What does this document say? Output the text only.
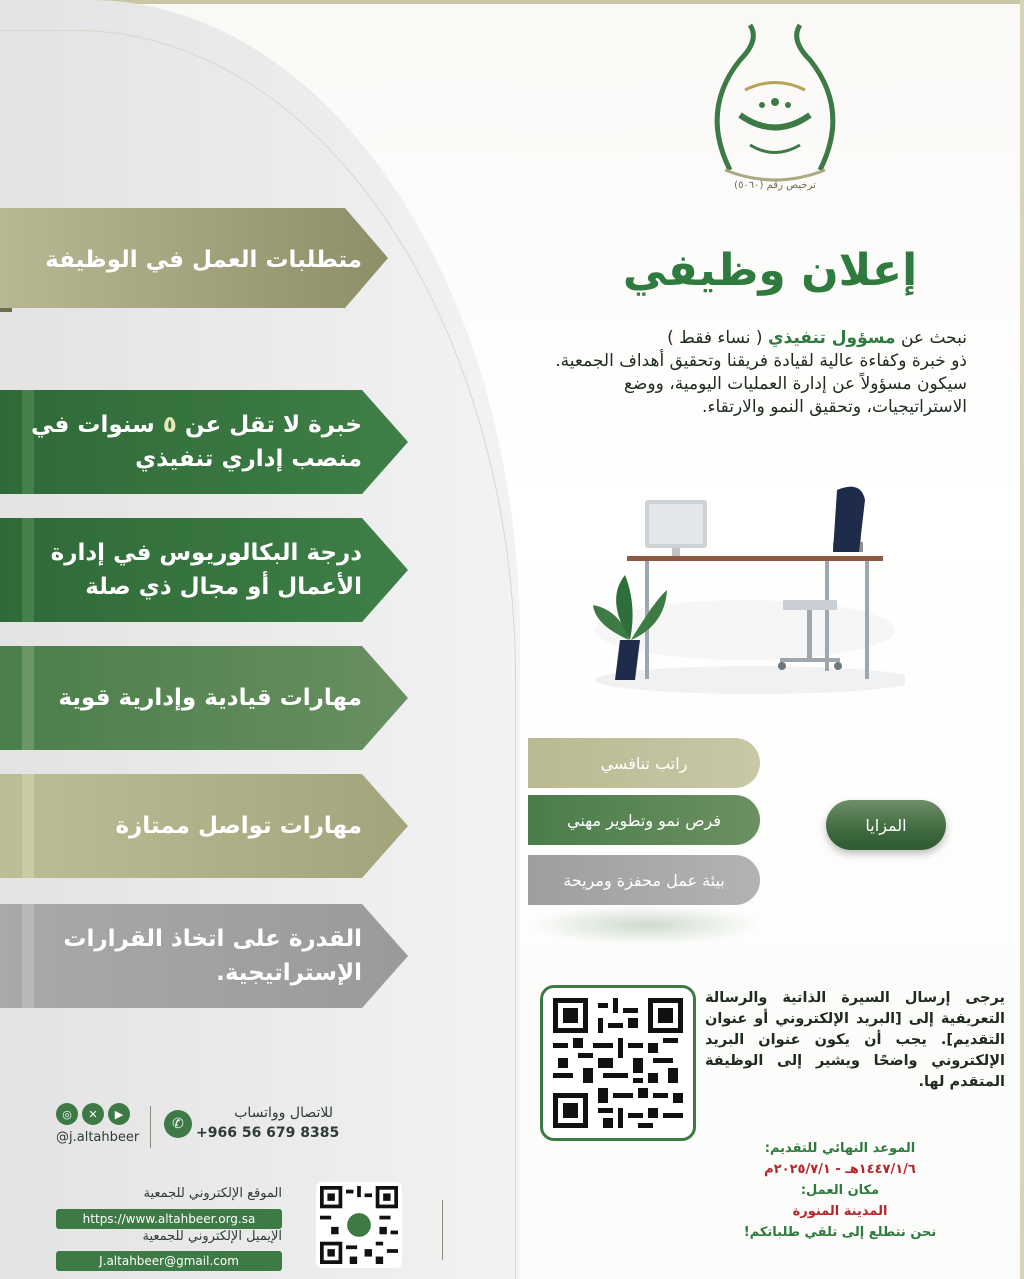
ترخيص رقم (٥٠٦٠)
إعلان وظيفي
نبحث عن مسؤول تنفيذي ( نساء فقط )
ذو خبرة وكفاءة عالية لقيادة فريقنا وتحقيق أهداف الجمعية.
سيكون مسؤولاً عن إدارة العمليات اليومية، ووضع الاستراتيجيات، وتحقيق النمو والارتقاء.
متطلبات العمل في الوظيفة
خبرة لا تقل عن ٥ سنوات في منصب إداري تنفيذي
درجة البكالوريوس في إدارة الأعمال أو مجال ذي صلة
مهارات قيادية وإدارية قوية
مهارات تواصل ممتازة
القدرة على اتخاذ القرارات الإستراتيجية.
راتب تنافسي
فرص نمو وتطوير مهني
بيئة عمل محفزة ومريحة
المزايا
يرجى إرسال السيرة الذاتية والرسالة التعريفية إلى [البريد الإلكتروني أو عنوان التقديم]. يجب أن يكون عنوان البريد الإلكتروني واضحًا ويشير إلى الوظيفة المتقدم لها.
الموعد النهائي للتقديم:
١٤٤٧/١/٦هـ - ٢٠٢٥/٧/١م
مكان العمل:
المدينة المنورة
نحن نتطلع إلى تلقي طلباتكم!
◎	✕	▶
@j.altahbeer
✆
للاتصال وواتساب
+966 56 679 8385
الموقع الإلكتروني للجمعية
https://www.altahbeer.org.sa
الإيميل الإلكتروني للجمعية
J.altahbeer@gmail.com
